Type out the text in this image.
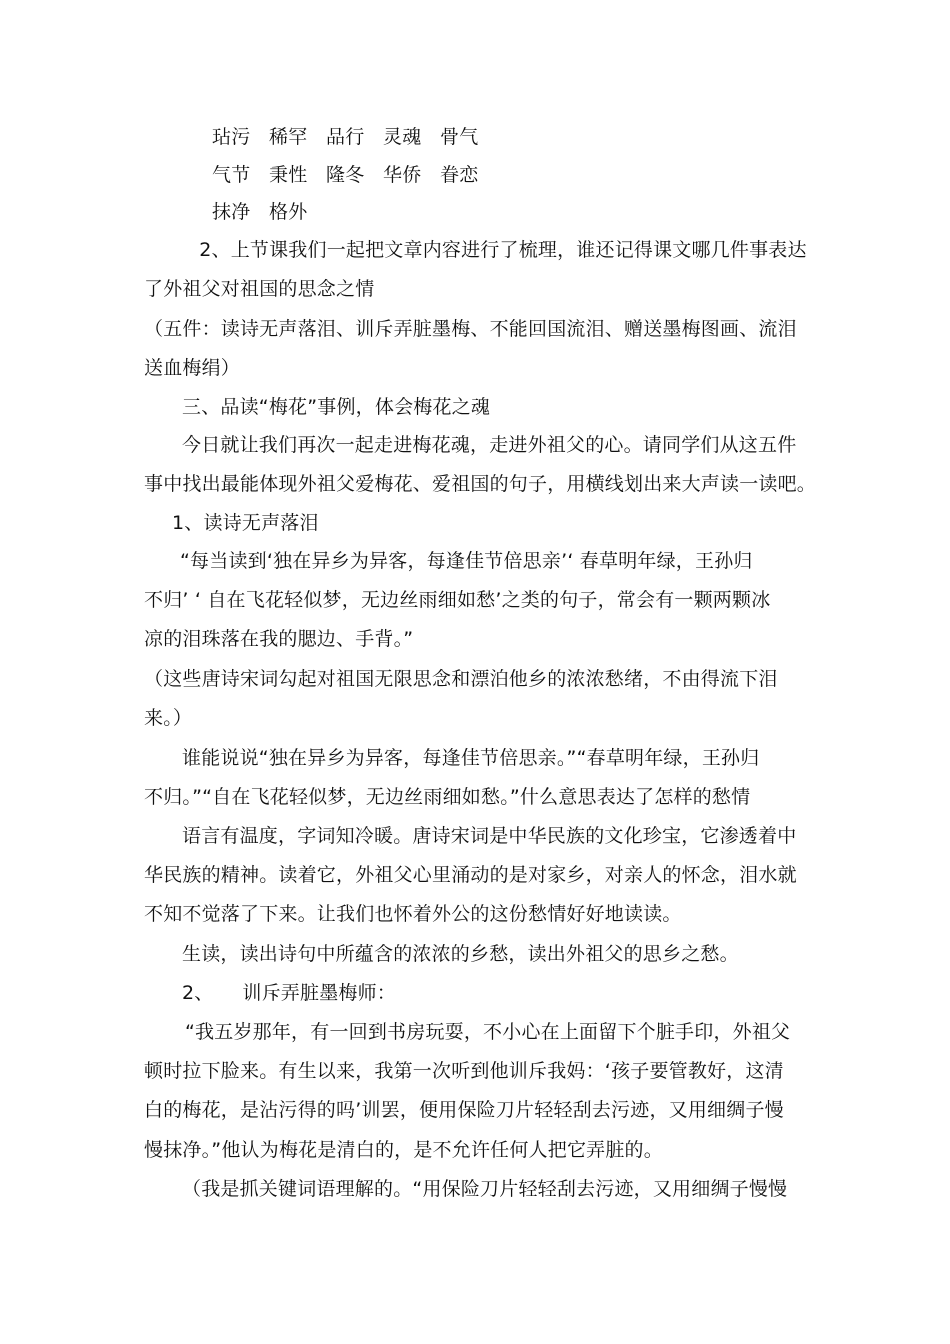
玷污 稀罕 品行 灵魂 骨气
气节 秉性 隆冬 华侨 眷恋
抹净 格外
　2、上节课我们一起把文章内容进行了梳理，谁还记得课文哪几件事表达
了外祖父对祖国的思念之情
（五件：读诗无声落泪、训斥弄脏墨梅、不能回国流泪、赠送墨梅图画、流泪
送血梅绢）
三、品读“梅花”事例，体会梅花之魂
今日就让我们再次一起走进梅花魂，走进外祖父的心。请同学们从这五件
事中找出最能体现外祖父爱梅花、爱祖国的句子，用横线划出来大声读一读吧。
1、读诗无声落泪
“每当读到‘独在异乡为异客，每逢佳节倍思亲’‘ 春草明年绿，王孙归
不归’ ‘ 自在飞花轻似梦，无边丝雨细如愁’之类的句子，常会有一颗两颗冰
凉的泪珠落在我的腮边、手背。”
（这些唐诗宋词勾起对祖国无限思念和漂泊他乡的浓浓愁绪，不由得流下泪
来。）
谁能说说“独在异乡为异客，每逢佳节倍思亲。”“春草明年绿，王孙归
不归。”“自在飞花轻似梦，无边丝雨细如愁。”什么意思表达了怎样的愁情
语言有温度，字词知冷暖。唐诗宋词是中华民族的文化珍宝，它渗透着中
华民族的精神。读着它，外祖父心里涌动的是对家乡，对亲人的怀念，泪水就
不知不觉落了下来。让我们也怀着外公的这份愁情好好地读读。
生读，读出诗句中所蕴含的浓浓的乡愁，读出外祖父的思乡之愁。
2、　　训斥弄脏墨梅师：
“我五岁那年，有一回到书房玩耍，不小心在上面留下个脏手印，外祖父
顿时拉下脸来。有生以来，我第一次听到他训斥我妈：‘孩子要管教好，这清
白的梅花，是沾污得的吗’训罢，便用保险刀片轻轻刮去污迹，又用细绸子慢
慢抹净。”他认为梅花是清白的，是不允许任何人把它弄脏的。
（我是抓关键词语理解的。“用保险刀片轻轻刮去污迹，又用细绸子慢慢
